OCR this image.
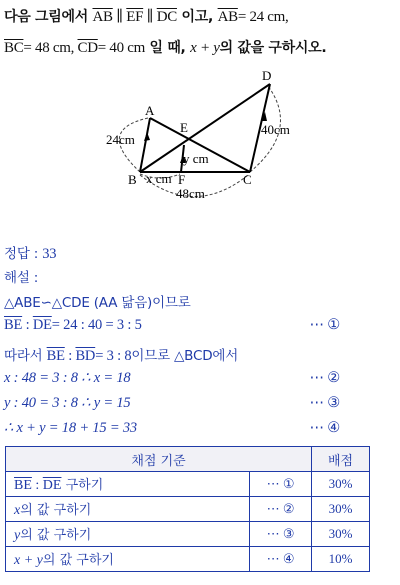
다음 그림에서 $\overline{AB}$ ∥ $\overline{EF}$ ∥ $\overline{DC}$ 이고, $\overline{AB}= 24$ cm,
$\overline{BC}= 48$ cm, $\overline{CD}= 40$ cm 일 때, x + y의 값을 구하시오.
A
B	C
D
E
F
24cm
40cm
y cm
x cm
48cm
정답 : 33
해설 :
△ABE∽△CDE (AA 닮음)이므로
$\overline{BE}$ : $\overline{DE}= 24$ : 40 = 3 : 5	⋯ ①
따라서 $\overline{BE}$ : $\overline{BD}= 3$ : 8이므로 △BCD에서
x : 48 = 3 : 8 ∴ x = 18	⋯ ②
y : 40 = 3 : 8 ∴ y = 15	⋯ ③
∴ x + y = 18 + 15 = 33	⋯ ④
채점 기준		배점
$\overline{BE}$ : $\overline{DE}$ 구하기	⋯ ①	30%
x의 값 구하기	⋯ ②	30%
y의 값 구하기	⋯ ③	30%
x + y의 값 구하기	⋯ ④	10%
